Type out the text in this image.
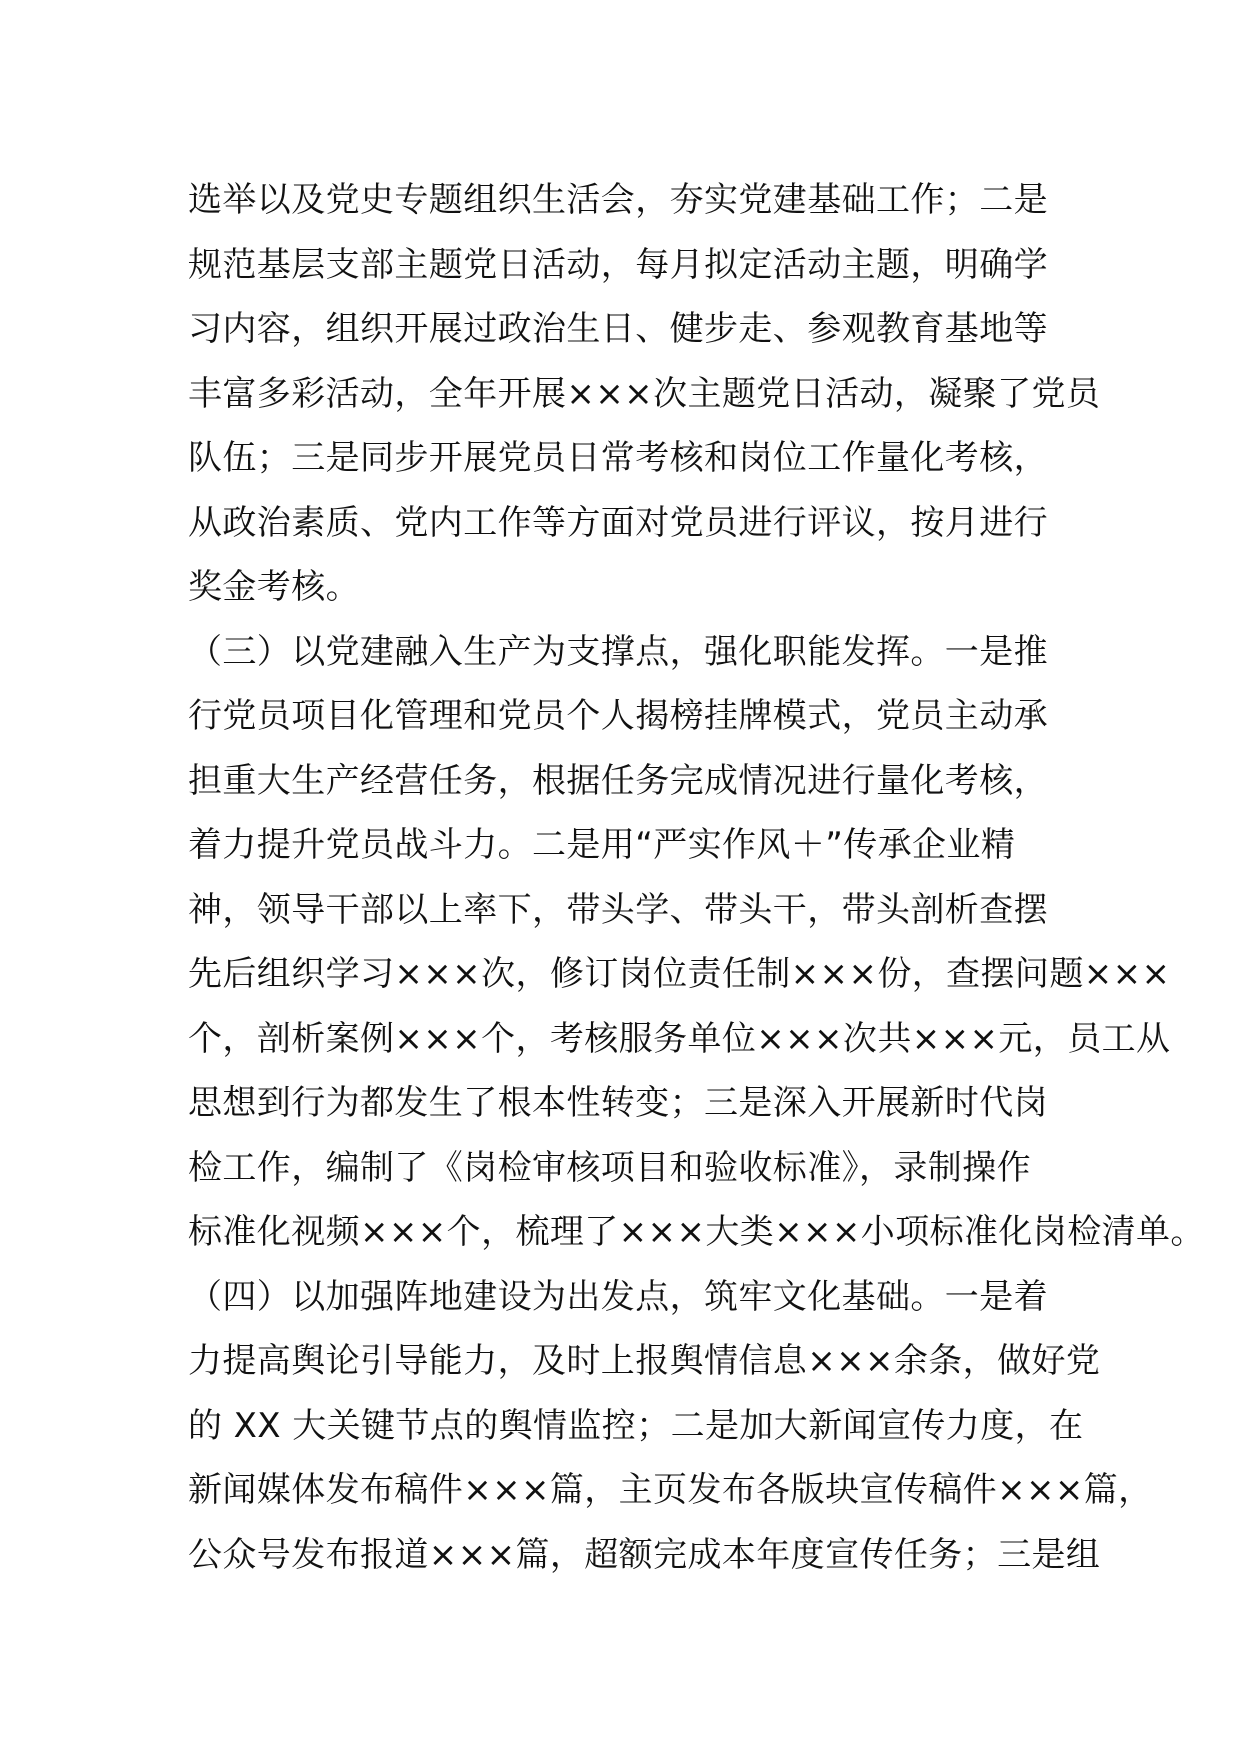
选举以及党史专题组织生活会，夯实党建基础工作；二是
规范基层支部主题党日活动，每月拟定活动主题，明确学
习内容，组织开展过政治生日、健步走、参观教育基地等
丰富多彩活动，全年开展×××次主题党日活动，凝聚了党员
队伍；三是同步开展党员日常考核和岗位工作量化考核，
从政治素质、党内工作等方面对党员进行评议，按月进行
奖金考核。
（三）以党建融入生产为支撑点，强化职能发挥。一是推
行党员项目化管理和党员个人揭榜挂牌模式，党员主动承
担重大生产经营任务，根据任务完成情况进行量化考核，
着力提升党员战斗力。二是用“严实作风＋”传承企业精
神，领导干部以上率下，带头学、带头干，带头剖析查摆
先后组织学习×××次，修订岗位责任制×××份，查摆问题×××
个，剖析案例×××个，考核服务单位×××次共×××元，员工从
思想到行为都发生了根本性转变；三是深入开展新时代岗
检工作，编制了《岗检审核项目和验收标准》，录制操作
标准化视频×××个，梳理了×××大类×××小项标准化岗检清单。
（四）以加强阵地建设为出发点，筑牢文化基础。一是着
力提高舆论引导能力，及时上报舆情信息×××余条，做好党
的 XX 大关键节点的舆情监控；二是加大新闻宣传力度，在
新闻媒体发布稿件×××篇，主页发布各版块宣传稿件×××篇，
公众号发布报道×××篇，超额完成本年度宣传任务；三是组
